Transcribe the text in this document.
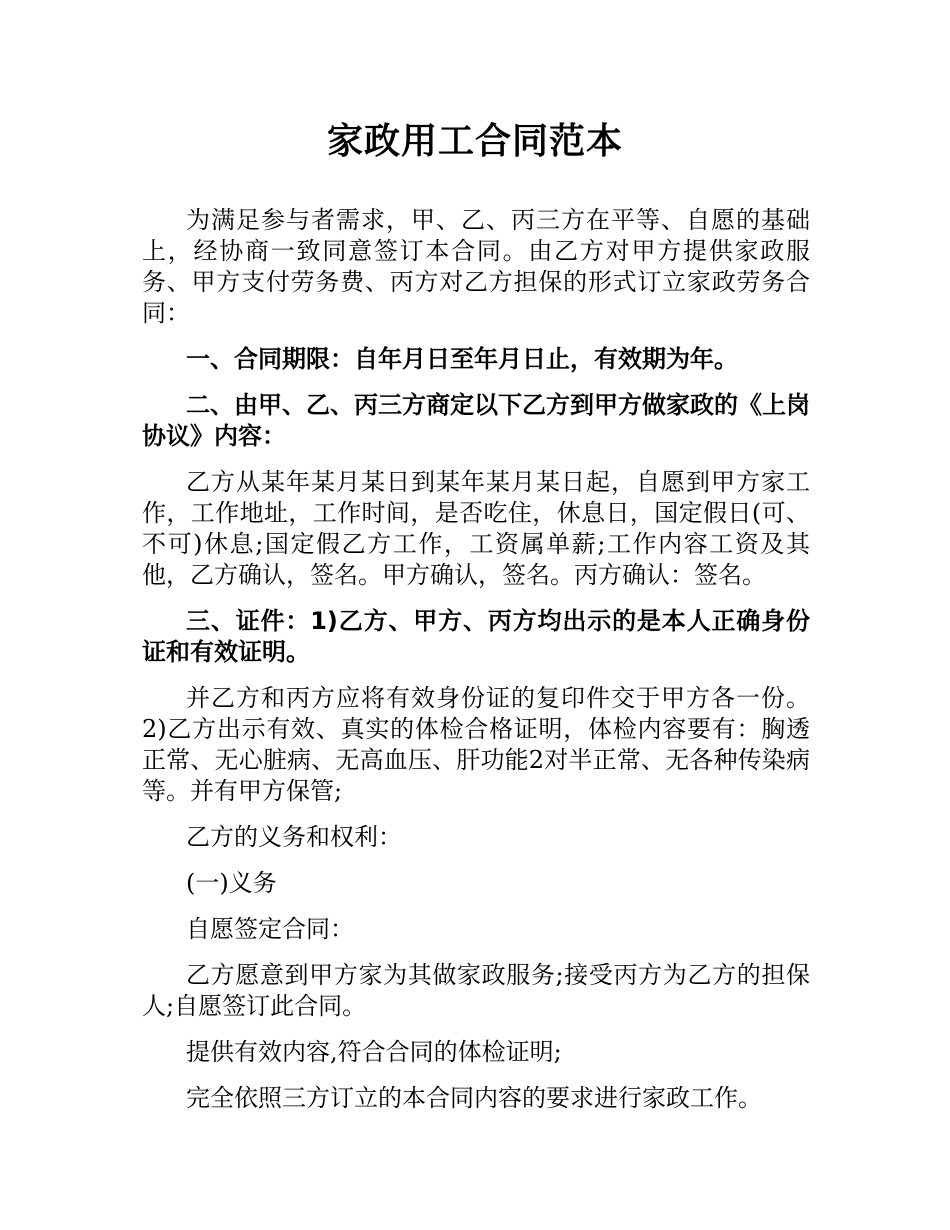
家政用工合同范本

为满足参与者需求，甲、乙、丙三方在平等、自愿的基础上，经协商一致同意签订本合同。由乙方对甲方提供家政服务、甲方支付劳务费、丙方对乙方担保的形式订立家政劳务合同：

一、合同期限：自年月日至年月日止，有效期为年。

二、由甲、乙、丙三方商定以下乙方到甲方做家政的《上岗协议》内容：

乙方从某年某月某日到某年某月某日起，自愿到甲方家工作，工作地址，工作时间，是否吃住，休息日，国定假日(可、不可)休息;国定假乙方工作，工资属单薪;工作内容工资及其他，乙方确认，签名。甲方确认，签名。丙方确认：签名。

三、证件：1)乙方、甲方、丙方均出示的是本人正确身份证和有效证明。

并乙方和丙方应将有效身份证的复印件交于甲方各一份。2)乙方出示有效、真实的体检合格证明，体检内容要有：胸透正常、无心脏病、无高血压、肝功能2对半正常、无各种传染病等。并有甲方保管;

乙方的义务和权利：

(一)义务

自愿签定合同：

乙方愿意到甲方家为其做家政服务;接受丙方为乙方的担保人;自愿签订此合同。

提供有效内容,符合合同的体检证明;

完全依照三方订立的本合同内容的要求进行家政工作。
